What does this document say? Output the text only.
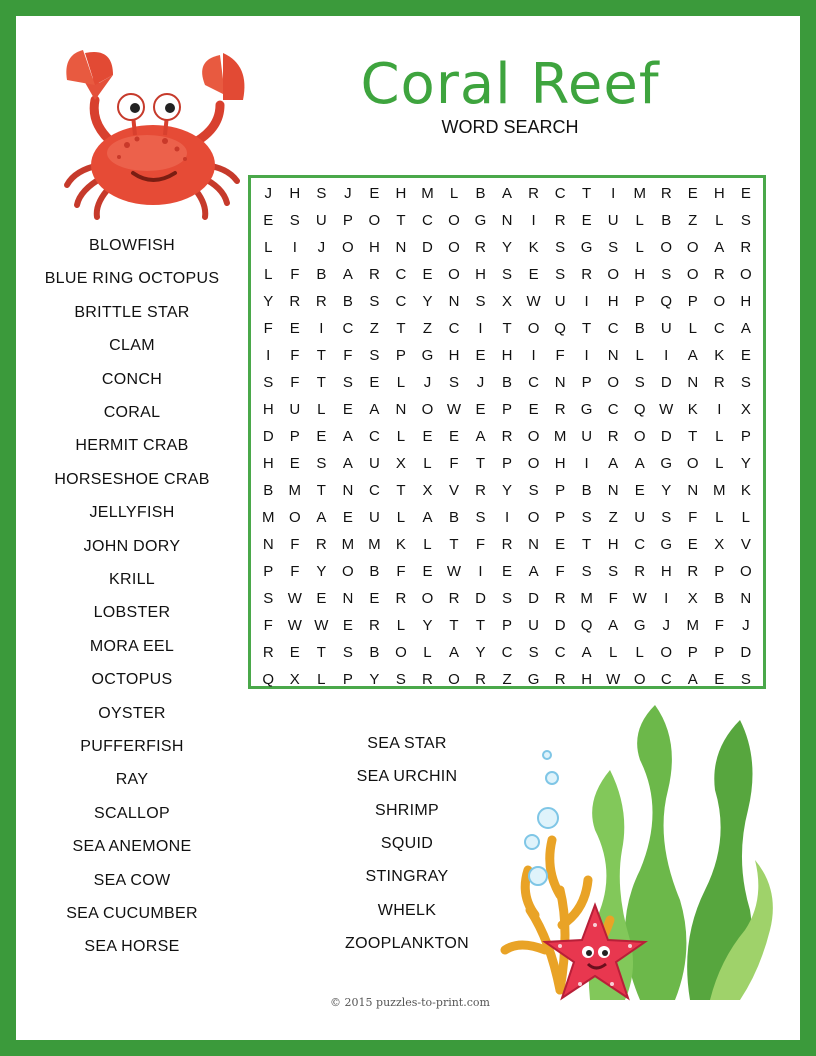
Coral Reef
WORD SEARCH
J	H	S	J	E	H M	L	B	A	R	C	T	I	M R	E	H	E
E	S	U	P	O	T	C	O G	N	I	R	E	U	L	B	Z	L	S
L	I	J	O	H	N	D	O	R	Y	K	S	G	S	L	O O	A	R
L	F	B	A	R	C	E	O	H	S	E	S	R	O	H	S	O	R	O
Y	R	R	B	S	C	Y	N	S	X W U	I	H	P	Q	P	O	H
F	E	I	C	Z	T	Z	C	I	T	O Q	T	C	B	U	L	C	A
I	F	T	F	S	P	G	H	E	H	I	F	I	N	L	I	A	K	E
S	F	T	S	E	L	J	S	J	B	C	N	P	O	S	D	N	R	S
H	U	L	E	A	N	O W E	P	E	R	G	C	Q W K	I	X
D	P	E	A	C	L	E	E	A	R	O M U	R	O	D	T	L	P
H	E	S	A	U	X	L	F	T	P	O	H	I	A	A	G O	L	Y
B	M	T	N	C	T	X	V	R	Y	S	P	B	N	E	Y	N M	K
M O	A	E	U	L	A	B	S	I	O	P	S	Z	U	S	F	L	L
N	F	R M M	K	L	T	F	R	N	E	T	H	C	G	E	X	V
P	F	Y	O	B	F	E W	I	E	A	F	S	S	R	H	R	P	O
S W E	N	E	R	O	R	D	S	D	R M	F W	I	X	B	N
F W W E	R	L	Y	T	T	P	U	D	Q	A	G	J	M	F	J
R	E	T	S	B	O	L	A	Y	C	S	C	A	L	L	O	P	P	D
Q	X	L	P	Y	S	R	O	R	Z	G	R	H W O	C	A	E	S
BLOWFISH
BLUE RING OCTOPUS
BRITTLE STAR
CLAM
CONCH
CORAL
HERMIT CRAB
HORSESHOE CRAB
JELLYFISH
JOHN DORY
KRILL
LOBSTER
MORA EEL
OCTOPUS
OYSTER
PUFFERFISH
RAY
SCALLOP
SEA ANEMONE
SEA COW
SEA CUCUMBER
SEA HORSE
SEA STAR
SEA URCHIN
SHRIMP
SQUID
STINGRAY
WHELK
ZOOPLANKTON
© 2015 puzzles-to-print.com
